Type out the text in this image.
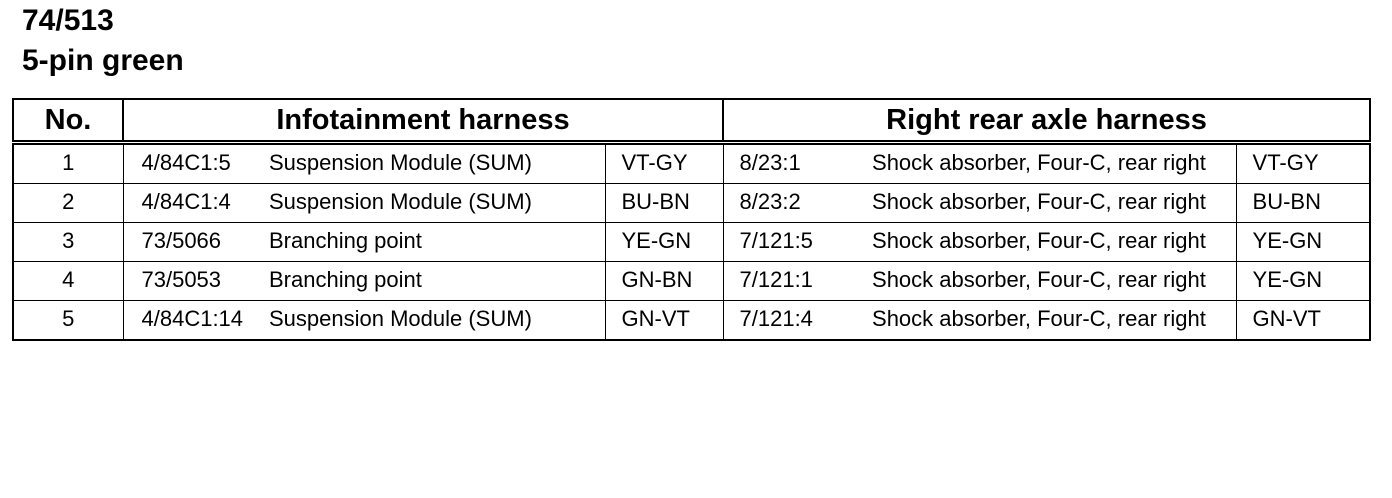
74/513
5-pin green
No.	Infotainment harness			Right rear axle harness		
1	4/84C1:5	Suspension Module (SUM)	VT-GY	8/23:1	Shock absorber, Four-C, rear right	VT-GY
2	4/84C1:4	Suspension Module (SUM)	BU-BN	8/23:2	Shock absorber, Four-C, rear right	BU-BN
3	73/5066	Branching point	YE-GN	7/121:5	Shock absorber, Four-C, rear right	YE-GN
4	73/5053	Branching point	GN-BN	7/121:1	Shock absorber, Four-C, rear right	YE-GN
5	4/84C1:14	Suspension Module (SUM)	GN-VT	7/121:4	Shock absorber, Four-C, rear right	GN-VT
